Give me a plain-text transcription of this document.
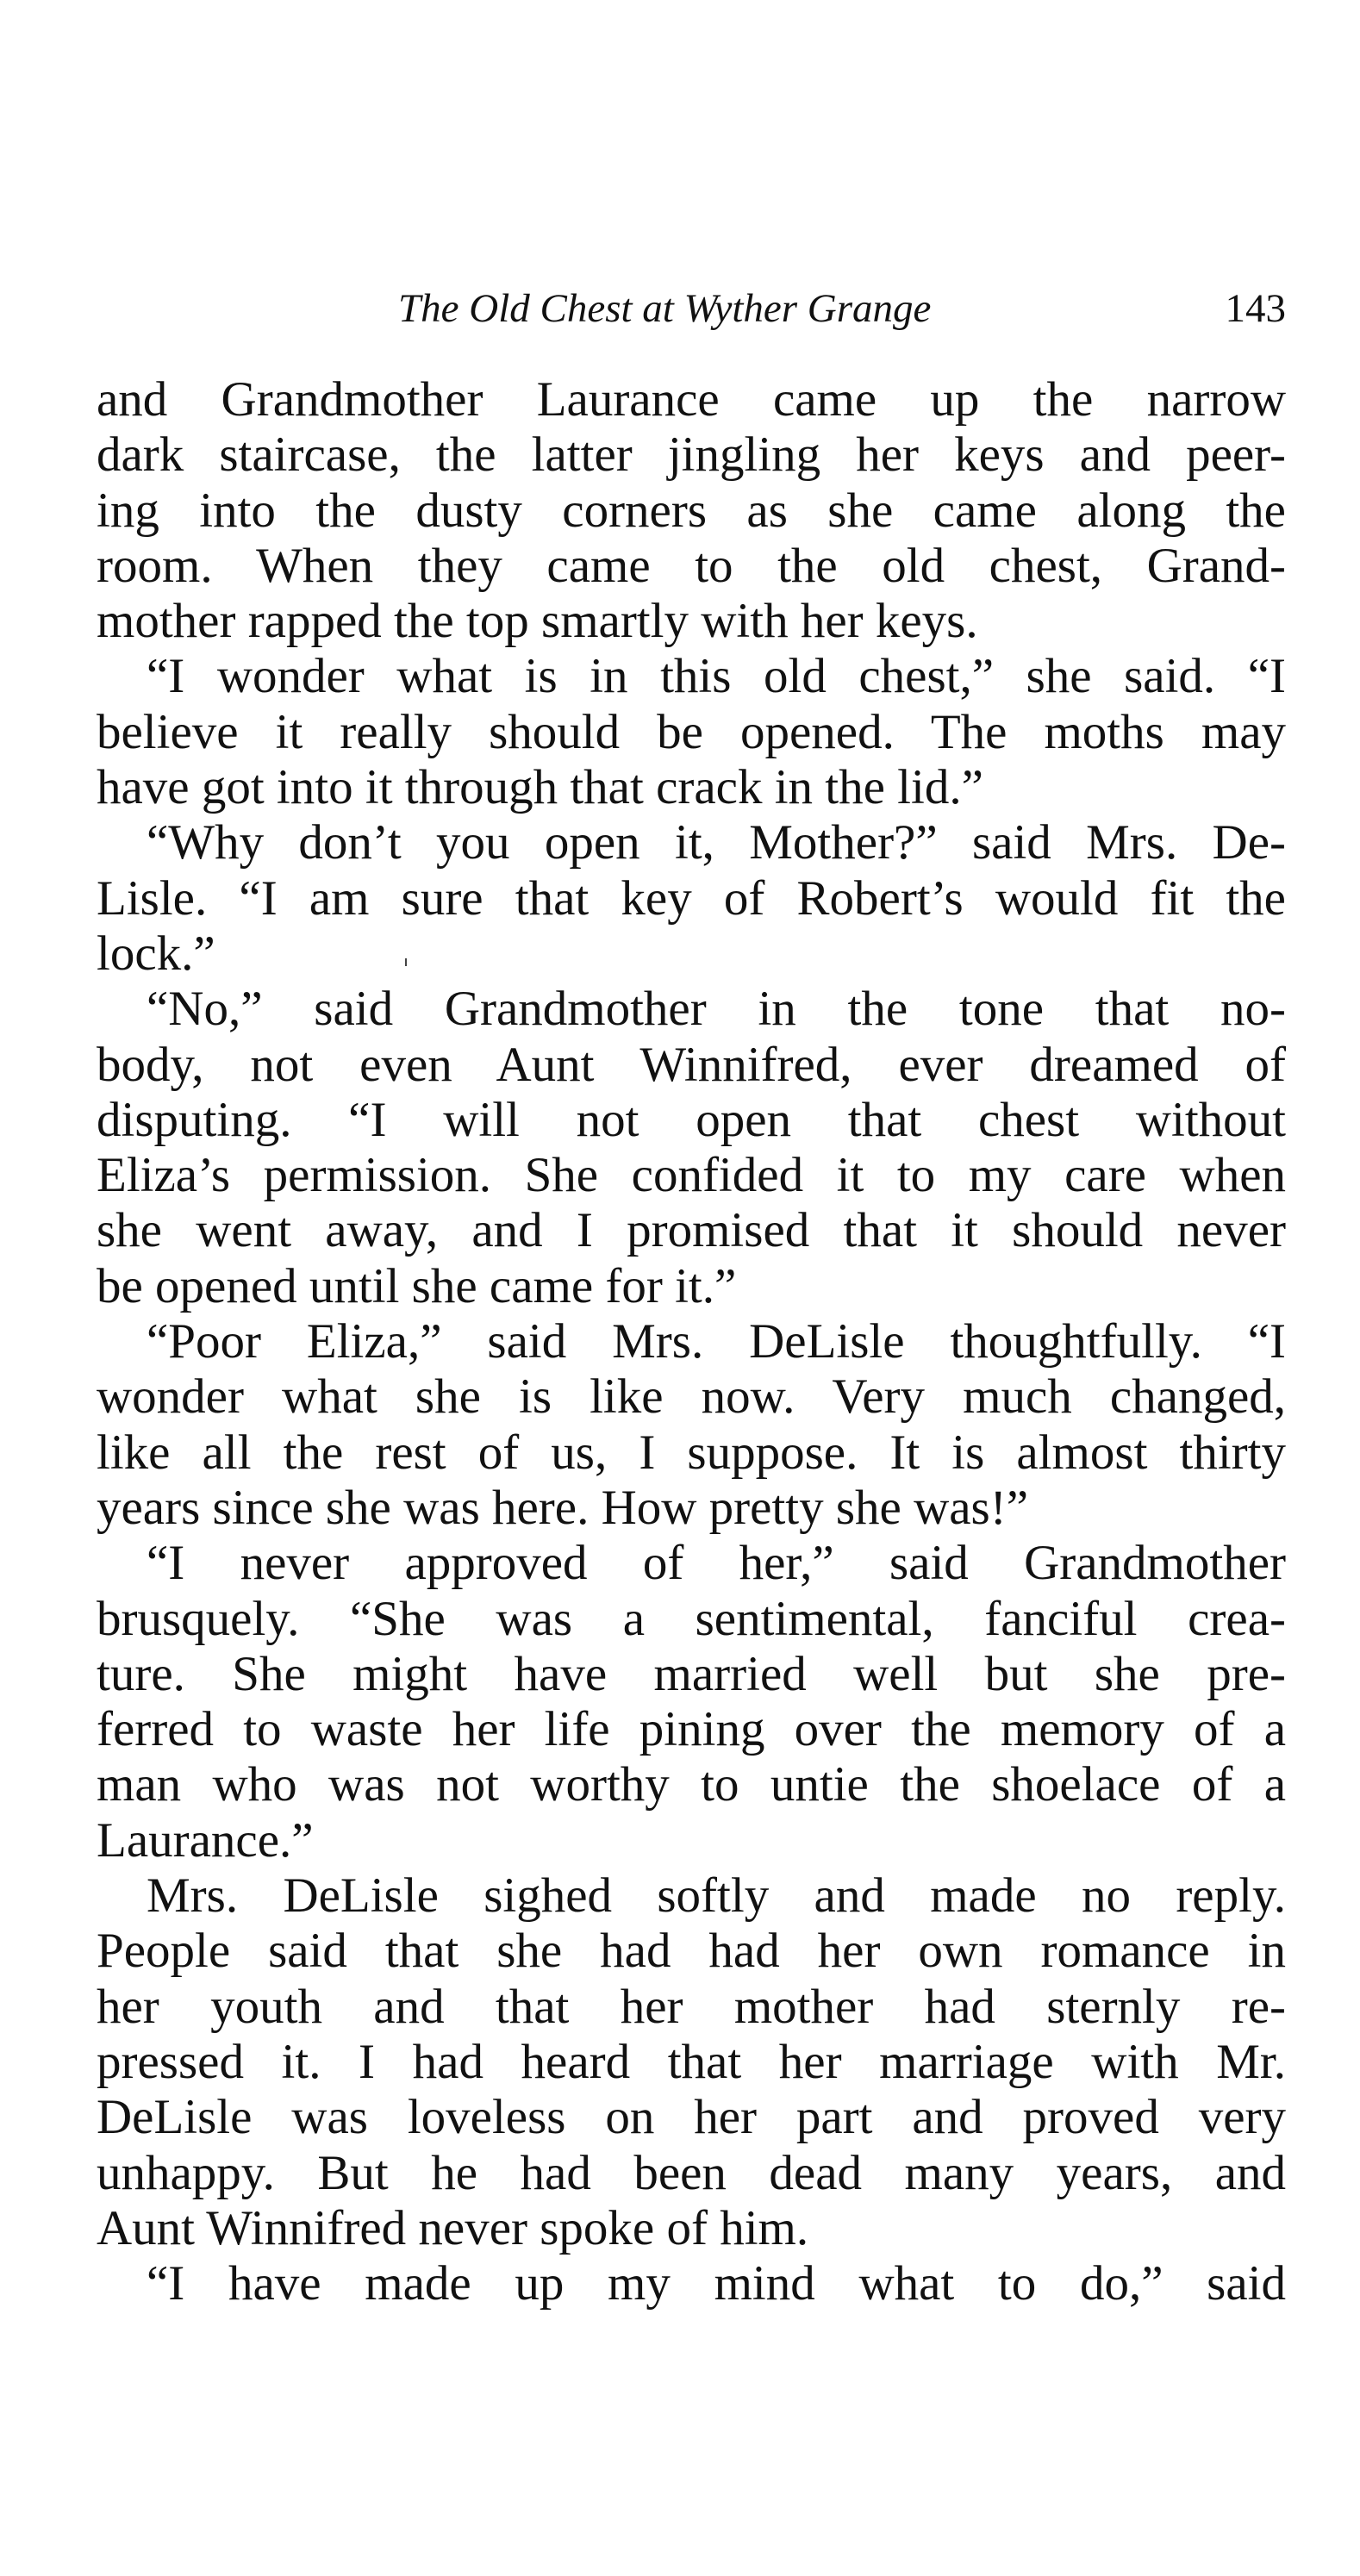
The Old Chest at Wyther Grange	143
and Grandmother Laurance came up the narrow
dark staircase, the latter jingling her keys and peer-
ing into the dusty corners as she came along the
room. When they came to the old chest, Grand-
mother rapped the top smartly with her keys.
“I wonder what is in this old chest,” she said. “I
believe it really should be opened. The moths may
have got into it through that crack in the lid.”
“Why don’t you open it, Mother?” said Mrs. De-
Lisle. “I am sure that key of Robert’s would fit the
lock.”
“No,” said Grandmother in the tone that no-
body, not even Aunt Winnifred, ever dreamed of
disputing. “I will not open that chest without
Eliza’s permission. She confided it to my care when
she went away, and I promised that it should never
be opened until she came for it.”
“Poor Eliza,” said Mrs. DeLisle thoughtfully. “I
wonder what she is like now. Very much changed,
like all the rest of us, I suppose. It is almost thirty
years since she was here. How pretty she was!”
“I never approved of her,” said Grandmother
brusquely. “She was a sentimental, fanciful crea-
ture. She might have married well but she pre-
ferred to waste her life pining over the memory of a
man who was not worthy to untie the shoelace of a
Laurance.”
Mrs. DeLisle sighed softly and made no reply.
People said that she had had her own romance in
her youth and that her mother had sternly re-
pressed it. I had heard that her marriage with Mr.
DeLisle was loveless on her part and proved very
unhappy. But he had been dead many years, and
Aunt Winnifred never spoke of him.
“I have made up my mind what to do,” said
